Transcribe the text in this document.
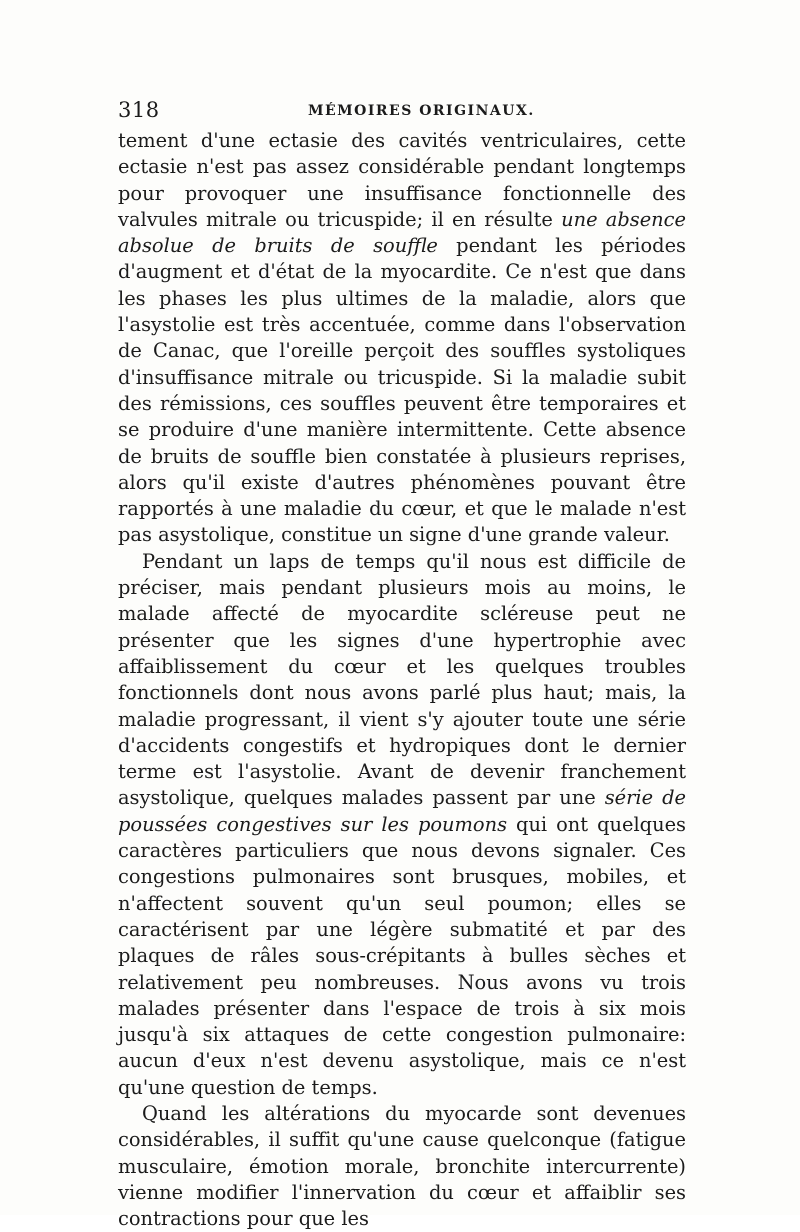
318	MÉMOIRES ORIGINAUX.

tement d'une ectasie des cavités ventriculaires, cette ectasie n'est pas assez considérable pendant longtemps pour provoquer une insuffisance fonctionnelle des valvules mitrale ou tricuspide; il en résulte une absence absolue de bruits de souffle pendant les périodes d'augment et d'état de la myocardite. Ce n'est que dans les phases les plus ultimes de la maladie, alors que l'asystolie est très accentuée, comme dans l'observation de Canac, que l'oreille perçoit des souffles systoliques d'insuffisance mitrale ou tricuspide. Si la maladie subit des rémissions, ces souffles peuvent être temporaires et se produire d'une manière intermittente. Cette absence de bruits de souffle bien constatée à plusieurs reprises, alors qu'il existe d'autres phénomènes pouvant être rapportés à une maladie du cœur, et que le malade n'est pas asystolique, constitue un signe d'une grande valeur.

Pendant un laps de temps qu'il nous est difficile de préciser, mais pendant plusieurs mois au moins, le malade affecté de myocardite scléreuse peut ne présenter que les signes d'une hypertrophie avec affaiblissement du cœur et les quelques troubles fonctionnels dont nous avons parlé plus haut; mais, la maladie progressant, il vient s'y ajouter toute une série d'accidents congestifs et hydropiques dont le dernier terme est l'asystolie. Avant de devenir franchement asystolique, quelques malades passent par une série de poussées congestives sur les poumons qui ont quelques caractères particuliers que nous devons signaler. Ces congestions pulmonaires sont brusques, mobiles, et n'affectent souvent qu'un seul poumon; elles se caractérisent par une légère submatité et par des plaques de râles sous-crépitants à bulles sèches et relativement peu nombreuses. Nous avons vu trois malades présenter dans l'espace de trois à six mois jusqu'à six attaques de cette congestion pulmonaire: aucun d'eux n'est devenu asystolique, mais ce n'est qu'une question de temps.

Quand les altérations du myocarde sont devenues considérables, il suffit qu'une cause quelconque (fatigue musculaire, émotion morale, bronchite intercurrente) vienne modifier l'innervation du cœur et affaiblir ses contractions pour que les
